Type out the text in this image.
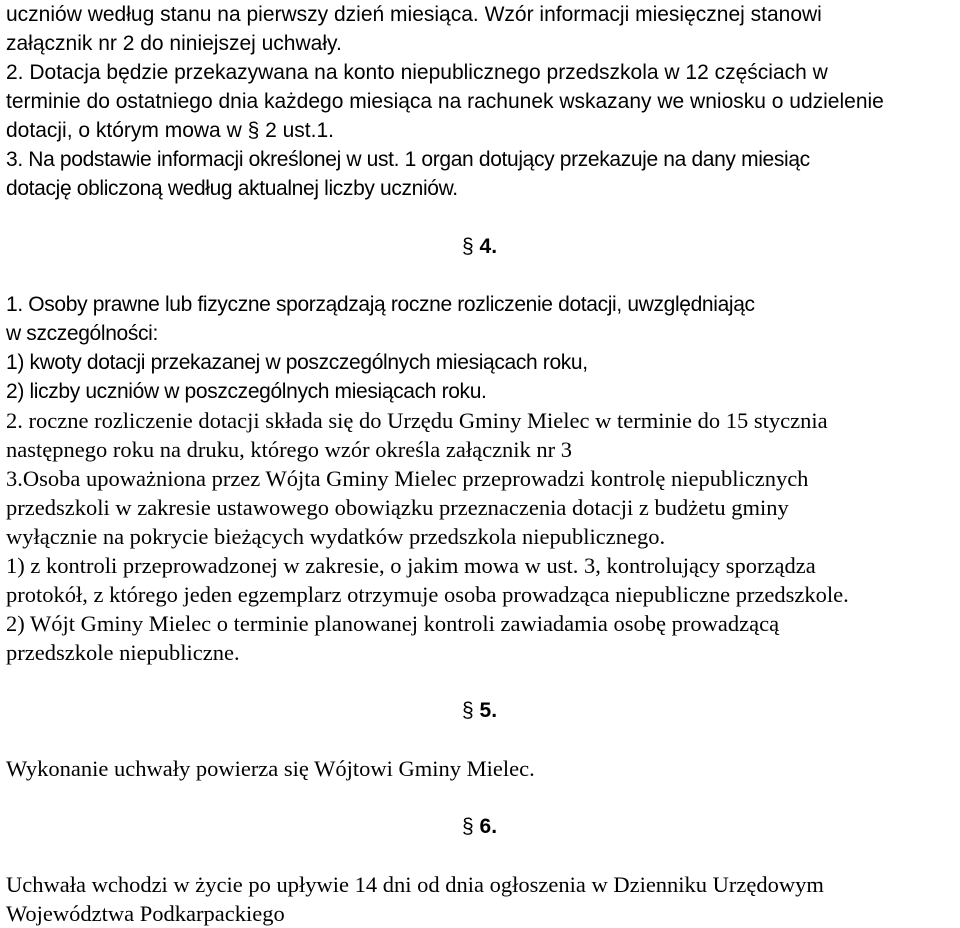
uczniów według stanu na pierwszy dzień miesiąca. Wzór informacji miesięcznej stanowi
załącznik nr 2 do niniejszej uchwały.
2. Dotacja będzie przekazywana na konto niepublicznego przedszkola w 12 częściach w
terminie do ostatniego dnia każdego miesiąca na rachunek wskazany we wniosku o udzielenie
dotacji, o którym mowa w § 2 ust.1.
3. Na podstawie informacji określonej w ust. 1 organ dotujący przekazuje na dany miesiąc
dotację obliczoną według aktualnej liczby uczniów.
§ 4.
1. Osoby prawne lub fizyczne sporządzają roczne rozliczenie dotacji, uwzględniając
w szczególności:
1) kwoty dotacji przekazanej w poszczególnych miesiącach roku,
2) liczby uczniów w poszczególnych miesiącach roku.
2. roczne rozliczenie dotacji składa się do Urzędu Gminy Mielec w terminie do 15 stycznia
następnego roku na druku, którego wzór określa załącznik nr 3
3.Osoba upoważniona przez Wójta Gminy Mielec przeprowadzi kontrolę niepublicznych
przedszkoli w zakresie ustawowego obowiązku przeznaczenia dotacji z budżetu gminy
wyłącznie na pokrycie bieżących wydatków przedszkola niepublicznego.
1) z kontroli przeprowadzonej w zakresie, o jakim mowa w ust. 3, kontrolujący sporządza
protokół, z którego jeden egzemplarz otrzymuje osoba prowadząca niepubliczne przedszkole.
2) Wójt Gminy Mielec o terminie planowanej kontroli zawiadamia osobę prowadzącą
przedszkole niepubliczne.
§ 5.
Wykonanie uchwały powierza się Wójtowi Gminy Mielec.
§ 6.
Uchwała wchodzi w życie po upływie 14 dni od dnia ogłoszenia w Dzienniku Urzędowym
Województwa Podkarpackiego
